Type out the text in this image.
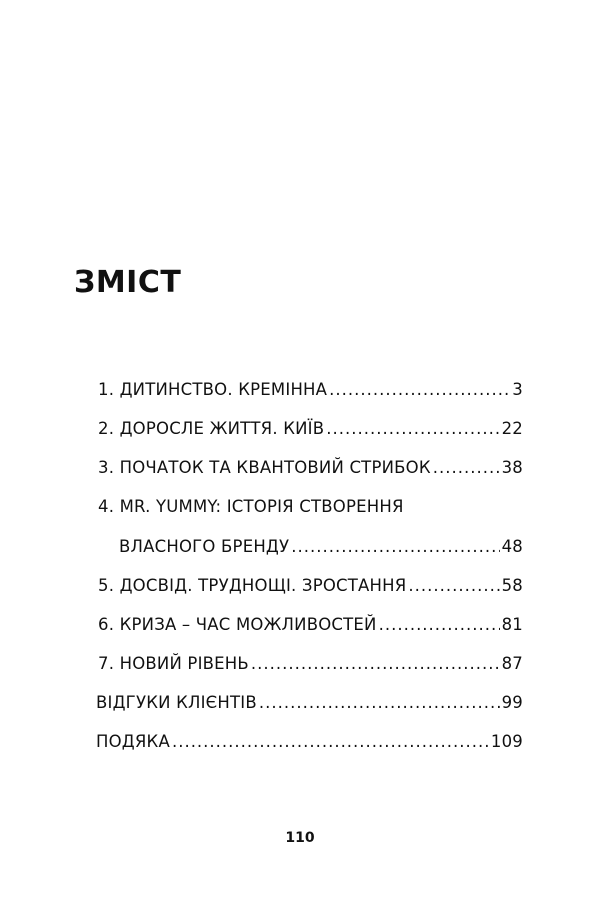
ЗМІСТ
1. ДИТИНСТВО. КРЕМІННА .....	3
2. ДОРОСЛЕ ЖИТТЯ. КИЇВ .....	22
3. ПОЧАТОК ТА КВАНТОВИЙ СТРИБОК .....	38
4. MR. YUMMY: ІСТОРІЯ СТВОРЕННЯ
ВЛАСНОГО БРЕНДУ .....	48
5. ДОСВІД. ТРУДНОЩІ. ЗРОСТАННЯ .....	58
6. КРИЗА – ЧАС МОЖЛИВОСТЕЙ .....	81
7. НОВИЙ РІВЕНЬ .....	87
ВІДГУКИ КЛІЄНТІВ .....	99
ПОДЯКА .....	109
110
